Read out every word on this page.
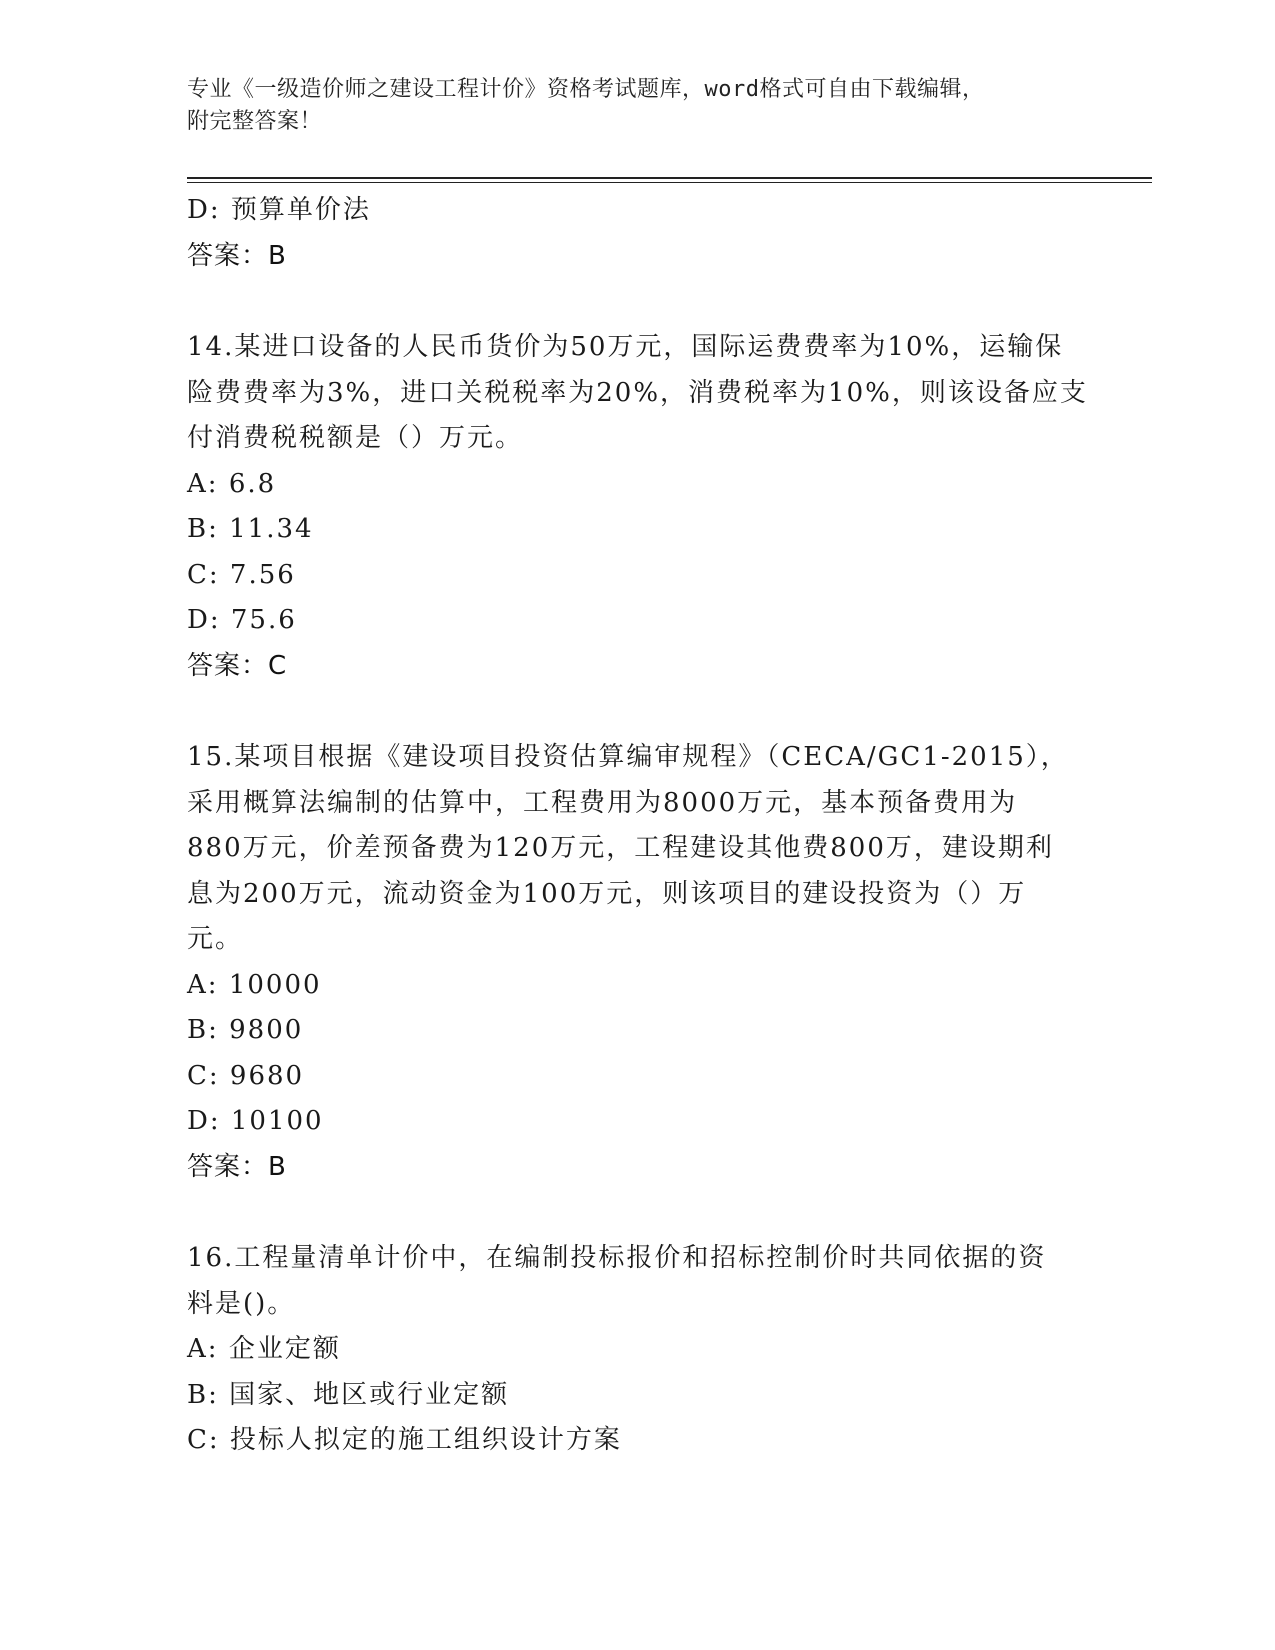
专业《一级造价师之建设工程计价》资格考试题库，word格式可自由下载编辑，
附完整答案！
D: 预算单价法
答案：B
14.某进口设备的人民币货价为50万元，国际运费费率为10%，运输保
险费费率为3%，进口关税税率为20%，消费税率为10%，则该设备应支
付消费税税额是（）万元。
A: 6.8
B: 11.34
C: 7.56
D: 75.6
答案：C
15.某项目根据《建设项目投资估算编审规程》（CECA/GC1-2015），
采用概算法编制的估算中，工程费用为8000万元，基本预备费用为
880万元，价差预备费为120万元，工程建设其他费800万，建设期利
息为200万元，流动资金为100万元，则该项目的建设投资为（）万
元。
A: 10000
B: 9800
C: 9680
D: 10100
答案：B
16.工程量清单计价中，在编制投标报价和招标控制价时共同依据的资
料是()。
A: 企业定额
B: 国家、地区或行业定额
C: 投标人拟定的施工组织设计方案
